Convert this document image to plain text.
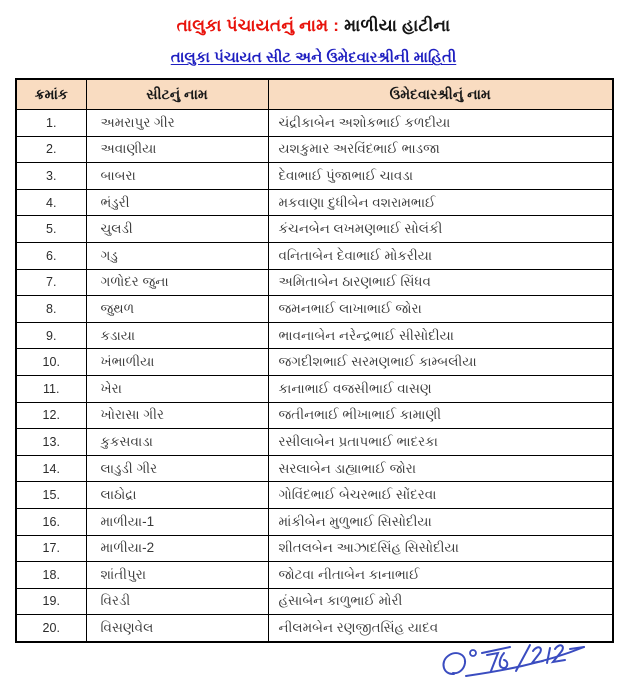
તાલુકા પંચાયતનું નામ : માળીયા હાટીના
તાલુકા પંચાયત સીટ અને ઉમેદવારશ્રીની માહિતી
ક્રમાંક	સીટનું નામ	ઉમેદવારશ્રીનું નામ
1.	અમરાપુર ગીર	ચંદ્રીકાબેન અશોકભાઈ કળદીયા
2.	અવાણીયા	યશકુમાર અરવિંદભાઈ ભાડજા
3.	બાબરા	દેવાભાઈ પુંજાભાઈ ચાવડા
4.	ભંડુરી	મકવાણા દુધીબેન વશરામભાઈ
5.	ચુલડી	કંચનબેન લખમણભાઈ સોલંકી
6.	ગડુ	વનિતાબેન દેવાભાઈ મોકરીયા
7.	ગળોદર જુના	અમિતાબેન ઠારણભાઈ સિંધવ
8.	જુથળ	જમનભાઈ લાખાભાઈ જોરા
9.	કડાયા	ભાવનાબેન નરેન્દ્રભાઈ સીસોદીયા
10.	ખંભાળીયા	જગદીશભાઈ સરમણભાઈ કામ્બલીયા
11.	ખેરા	કાનાભાઈ વજસીભાઈ વાસણ
12.	ખોરાસા ગીર	જતીનભાઈ ભીખાભાઈ કામાણી
13.	કુકસવાડા	રસીલાબેન પ્રતાપભાઈ ભાદરકા
14.	લાડુડી ગીર	સરલાબેન ડાહ્યાભાઈ જોરા
15.	લાઠોદ્રા	ગોવિંદભાઈ બેચરભાઈ સોંદરવા
16.	માળીયા-1	માંકીબેન મુળુભાઈ સિસોદીયા
17.	માળીયા-2	શીતલબેન આઝાદસિંહ સિસોદીયા
18.	શાંતીપુરા	જોટવા નીતાબેન કાનાભાઈ
19.	વિરડી	હંસાબેન કાળુભાઈ મોરી
20.	વિસણવેલ	નીલમબેન રણજીતસિંહ યાદવ
